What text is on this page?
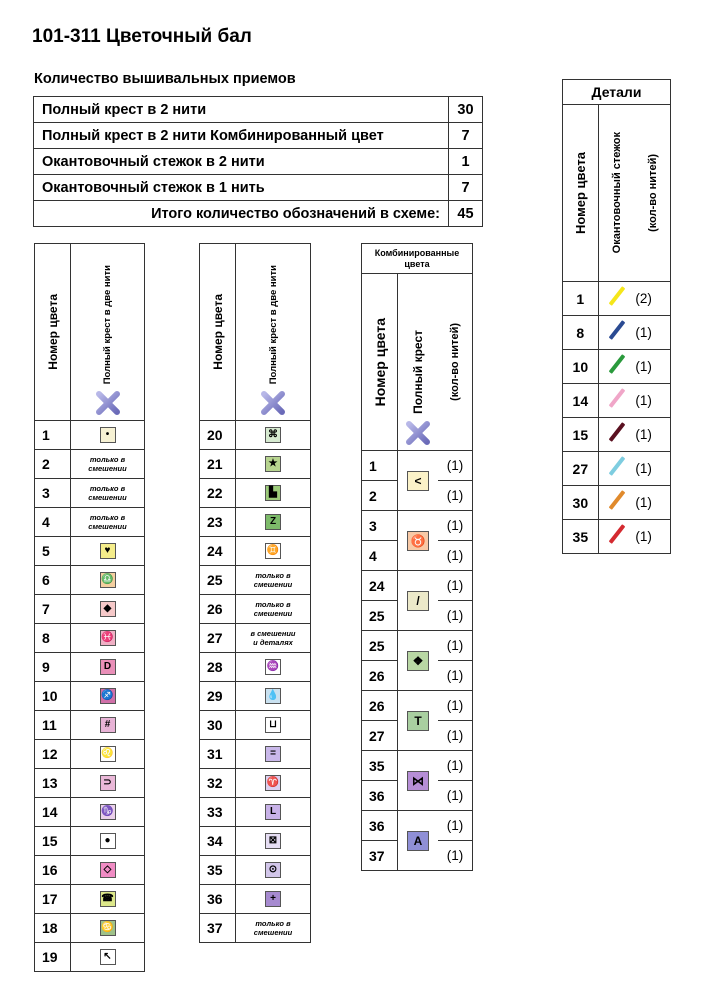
101-311 Цветочный бал
Количество вышивальных приемов
Полный крест в 2 нити	30
Полный крест в 2 нити Комбинированный цвет	7
Окантовочный стежок в 2 нити	1
Окантовочный стежок в 1 нить	7
Итого количество обозначений в схеме:	45
Номер цвета	Полный крест в две нити

1	•
2	только в смешении
3	только в смешении
4	только в смешении
5	♥
6	♎
7	◆
8	♓
9	D
10	♐
11	#
12	♌
13	⊃
14	♑
15	●
16	◇
17	☎
18	♋
19	↖
Номер цвета	Полный крест в две нити

20	⌘
21	★
22	▙
23	Z
24	♊
25	только в смешении
26	только в смешении
27	в смешении
и деталях

28	♒
29	💧
30	⊔
31	=
32	♈
33	L
34	⊠
35	⊙
36	+
37	только в смешении
Комбинированные цвета		

Номер цвета	Полный крест	(кол-во нитей)

1	<	(1)
2		(1)
3	♉	(1)
4		(1)
24	/	(1)
25		(1)
25	❖	(1)
26		(1)
26	T	(1)
27		(1)
35	⋈	(1)
36		(1)
36	A	(1)
37		(1)
Детали		

Номер цвета	Окантовочный стежок	(кол-во нитей)

1		(2)
8		(1)
10		(1)
14		(1)
15		(1)
27		(1)
30		(1)
35		(1)
